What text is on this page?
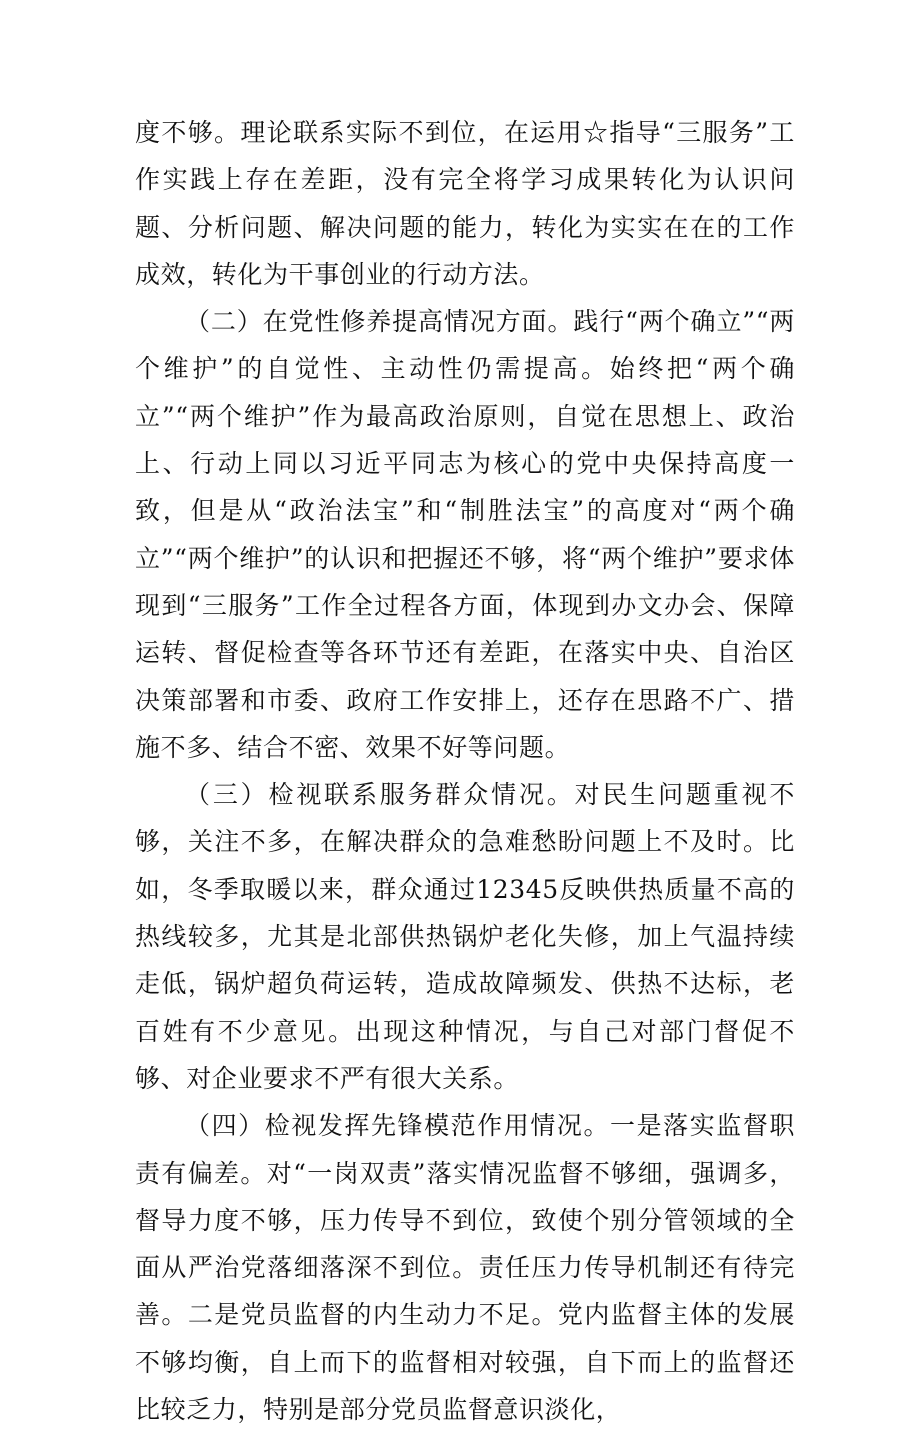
度不够。理论联系实际不到位，在运用☆指导“三服务”工作实践上存在差距，没有完全将学习成果转化为认识问题、分析问题、解决问题的能力，转化为实实在在的工作成效，转化为干事创业的行动方法。

（二）在党性修养提高情况方面。践行“两个确立”“两个维护”的自觉性、主动性仍需提高。始终把“两个确立”“两个维护”作为最高政治原则，自觉在思想上、政治上、行动上同以习近平同志为核心的党中央保持高度一致，但是从“政治法宝”和“制胜法宝”的高度对“两个确立”“两个维护”的认识和把握还不够，将“两个维护”要求体现到“三服务”工作全过程各方面，体现到办文办会、保障运转、督促检查等各环节还有差距，在落实中央、自治区决策部署和市委、政府工作安排上，还存在思路不广、措施不多、结合不密、效果不好等问题。

（三）检视联系服务群众情况。对民生问题重视不够，关注不多，在解决群众的急难愁盼问题上不及时。比如，冬季取暖以来，群众通过12345反映供热质量不高的热线较多，尤其是北部供热锅炉老化失修，加上气温持续走低，锅炉超负荷运转，造成故障频发、供热不达标，老百姓有不少意见。出现这种情况，与自己对部门督促不够、对企业要求不严有很大关系。

（四）检视发挥先锋模范作用情况。一是落实监督职责有偏差。对“一岗双责”落实情况监督不够细，强调多，督导力度不够，压力传导不到位，致使个别分管领域的全面从严治党落细落深不到位。责任压力传导机制还有待完善。二是党员监督的内生动力不足。党内监督主体的发展不够均衡，自上而下的监督相对较强，自下而上的监督还比较乏力，特别是部分党员监督意识淡化，
